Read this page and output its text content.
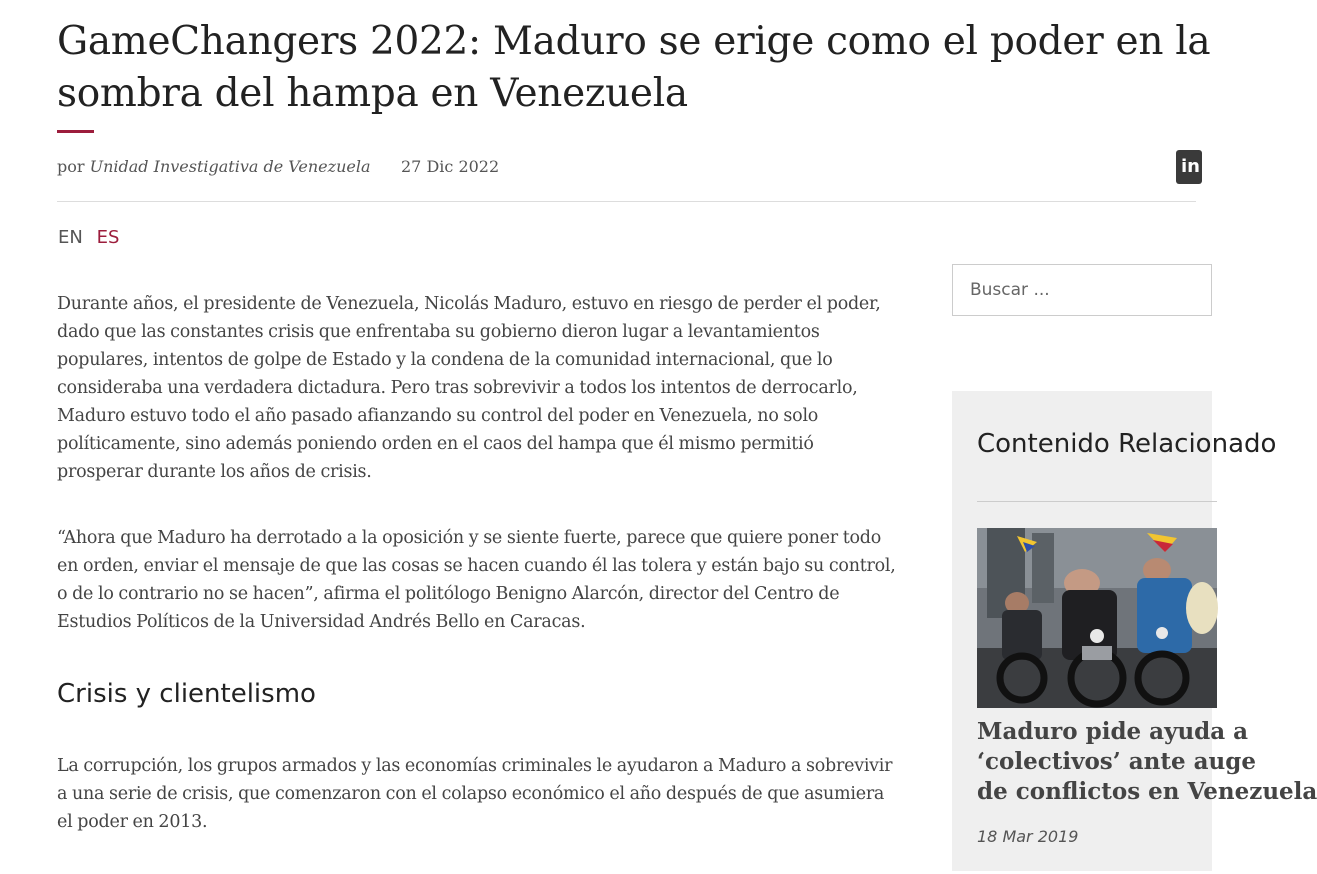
GameChangers 2022: Maduro se erige como el poder en la
sombra del hampa en Venezuela
por Unidad Investigativa de Venezuela 27 Dic 2022	in
EN ES

Durante años, el presidente de Venezuela, Nicolás Maduro, estuvo en riesgo de perder el poder, dado que las constantes crisis que enfrentaba su gobierno dieron lugar a levantamientos populares, intentos de golpe de Estado y la condena de la comunidad internacional, que lo consideraba una verdadera dictadura. Pero tras sobrevivir a todos los intentos de derrocarlo, Maduro estuvo todo el año pasado afianzando su control del poder en Venezuela, no solo políticamente, sino además poniendo orden en el caos del hampa que él mismo permitió prosperar durante los años de crisis.

“Ahora que Maduro ha derrotado a la oposición y se siente fuerte, parece que quiere poner todo en orden, enviar el mensaje de que las cosas se hacen cuando él las tolera y están bajo su control, o de lo contrario no se hacen”, afirma el politólogo Benigno Alarcón, director del Centro de Estudios Políticos de la Universidad Andrés Bello en Caracas.

Crisis y clientelismo

La corrupción, los grupos armados y las economías criminales le ayudaron a Maduro a sobrevivir a una serie de crisis, que comenzaron con el colapso económico el año después de que asumiera el poder en 2013.

Buscar ...
Contenido Relacionado
Maduro pide ayuda a
‘colectivos’ ante auge
de conflictos en Venezuela
18 Mar 2019
